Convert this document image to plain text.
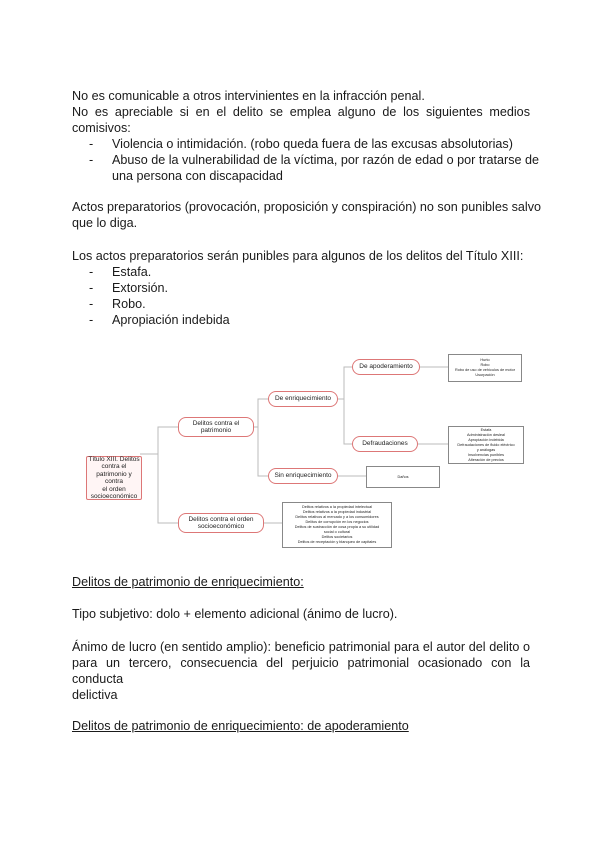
No es comunicable a otros intervinientes en la infracción penal.
No es apreciable si en el delito se emplea alguno de los siguientes medios
comisivos:
- Violencia o intimidación. (robo queda fuera de las excusas absolutorias)
- Abuso de la vulnerabilidad de la víctima, por razón de edad o por tratarse de
una persona con discapacidad
Actos preparatorios (provocación, proposición y conspiración) no son punibles salvo
que lo diga.
Los actos preparatorios serán punibles para algunos de los delitos del Título XIII:
- Estafa.
- Extorsión.
- Robo.
- Apropiación indebida
Título XIII. Delitos
contra el
patrimonio y contra
el orden
socioeconómico
Delitos contra el
patrimonio
Delitos contra el orden
socioeconómico
De enriquecimiento
Sin enriquecimiento
De apoderamiento
Defraudaciones
Hurto
Robo
Robo de uso de vehículos de motor
Usurpación
Estafa
Administración desleal
Apropiación indebida
Defraudaciones de fluido eléctrico
y análogas
Insolvencias punibles
Alteración de precios
Daños
Delitos relativos a la propiedad intelectual
Delitos relativos a la propiedad industrial
Delitos relativos al mercado y a los consumidores
Delitos de corrupción en los negocios
Delitos de sustracción de cosa propia a su utilidad
social o cultural
Delitos societarios
Delitos de receptación y blanqueo de capitales
Delitos de patrimonio de enriquecimiento:
Tipo subjetivo: dolo + elemento adicional (ánimo de lucro).
Ánimo de lucro (en sentido amplio): beneficio patrimonial para el autor del delito o
para un tercero, consecuencia del perjuicio patrimonial ocasionado con la conducta
delictiva
Delitos de patrimonio de enriquecimiento: de apoderamiento
